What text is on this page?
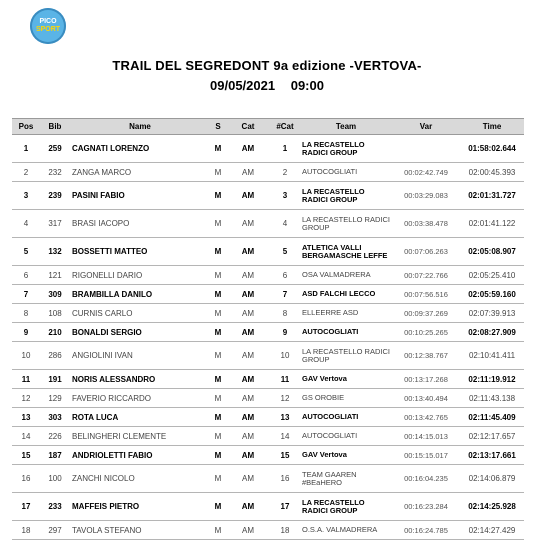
PICO
SPORT
TRAIL DEL SEGREDONT 9a edizione -VERTOVA-
09/05/2021 09:00
Pos	Bib	Name	S	Cat	#Cat	Team	Var	Time
1	259	CAGNATI LORENZO	M	AM	1	LA RECASTELLO RADICI GROUP		01:58:02.644
2	232	ZANGA MARCO	M	AM	2	AUTOCOGLIATI	00:02:42.749	02:00:45.393
3	239	PASINI FABIO	M	AM	3	LA RECASTELLO RADICI GROUP	00:03:29.083	02:01:31.727
4	317	BRASI IACOPO	M	AM	4	LA RECASTELLO RADICI GROUP	00:03:38.478	02:01:41.122
5	132	BOSSETTI MATTEO	M	AM	5	ATLETICA VALLI BERGAMASCHE LEFFE	00:07:06.263	02:05:08.907
6	121	RIGONELLI DARIO	M	AM	6	OSA VALMADRERA	00:07:22.766	02:05:25.410
7	309	BRAMBILLA DANILO	M	AM	7	ASD FALCHI LECCO	00:07:56.516	02:05:59.160
8	108	CURNIS CARLO	M	AM	8	ELLEERRE ASD	00:09:37.269	02:07:39.913
9	210	BONALDI SERGIO	M	AM	9	AUTOCOGLIATI	00:10:25.265	02:08:27.909
10	286	ANGIOLINI IVAN	M	AM	10	LA RECASTELLO RADICI GROUP	00:12:38.767	02:10:41.411
11	191	NORIS ALESSANDRO	M	AM	11	GAV Vertova	00:13:17.268	02:11:19.912
12	129	FAVERIO RICCARDO	M	AM	12	GS OROBIE	00:13:40.494	02:11:43.138
13	303	ROTA LUCA	M	AM	13	AUTOCOGLIATI	00:13:42.765	02:11:45.409
14	226	BELINGHERI CLEMENTE	M	AM	14	AUTOCOGLIATI	00:14:15.013	02:12:17.657
15	187	ANDRIOLETTI FABIO	M	AM	15	GAV Vertova	00:15:15.017	02:13:17.661
16	100	ZANCHI NICOLO	M	AM	16	TEAM GAAREN #BEaHERO	00:16:04.235	02:14:06.879
17	233	MAFFEIS PIETRO	M	AM	17	LA RECASTELLO RADICI GROUP	00:16:23.284	02:14:25.928
18	297	TAVOLA STEFANO	M	AM	18	O.S.A. VALMADRERA	00:16:24.785	02:14:27.429
